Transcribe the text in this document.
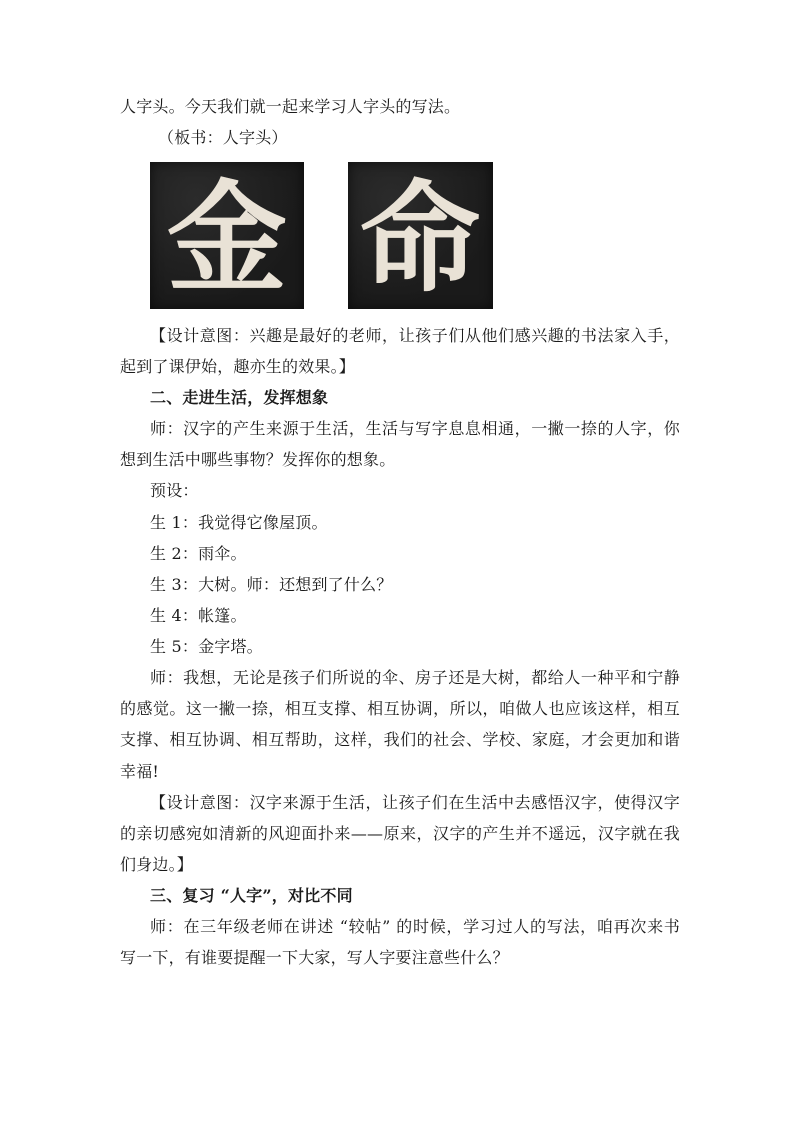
人字头。今天我们就一起来学习人字头的写法。
（板书：人字头）
金 命
【设计意图：兴趣是最好的老师，让孩子们从他们感兴趣的书法家入手，
起到了课伊始，趣亦生的效果。】
二、走进生活，发挥想象
师：汉字的产生来源于生活，生活与写字息息相通，一撇一捺的人字，你
想到生活中哪些事物？发挥你的想象。
预设：
生 1：我觉得它像屋顶。
生 2：雨伞。
生 3：大树。师：还想到了什么？
生 4：帐篷。
生 5：金字塔。
师：我想，无论是孩子们所说的伞、房子还是大树，都给人一种平和宁静
的感觉。这一撇一捺，相互支撑、相互协调，所以，咱做人也应该这样，相互
支撑、相互协调、相互帮助，这样，我们的社会、学校、家庭，才会更加和谐
幸福!
【设计意图：汉字来源于生活，让孩子们在生活中去感悟汉字，使得汉字
的亲切感宛如清新的风迎面扑来——原来，汉字的产生并不遥远，汉字就在我
们身边。】
三、复习 “人字”，对比不同
师：在三年级老师在讲述 “较帖” 的时候，学习过人的写法，咱再次来书
写一下，有谁要提醒一下大家，写人字要注意些什么？
